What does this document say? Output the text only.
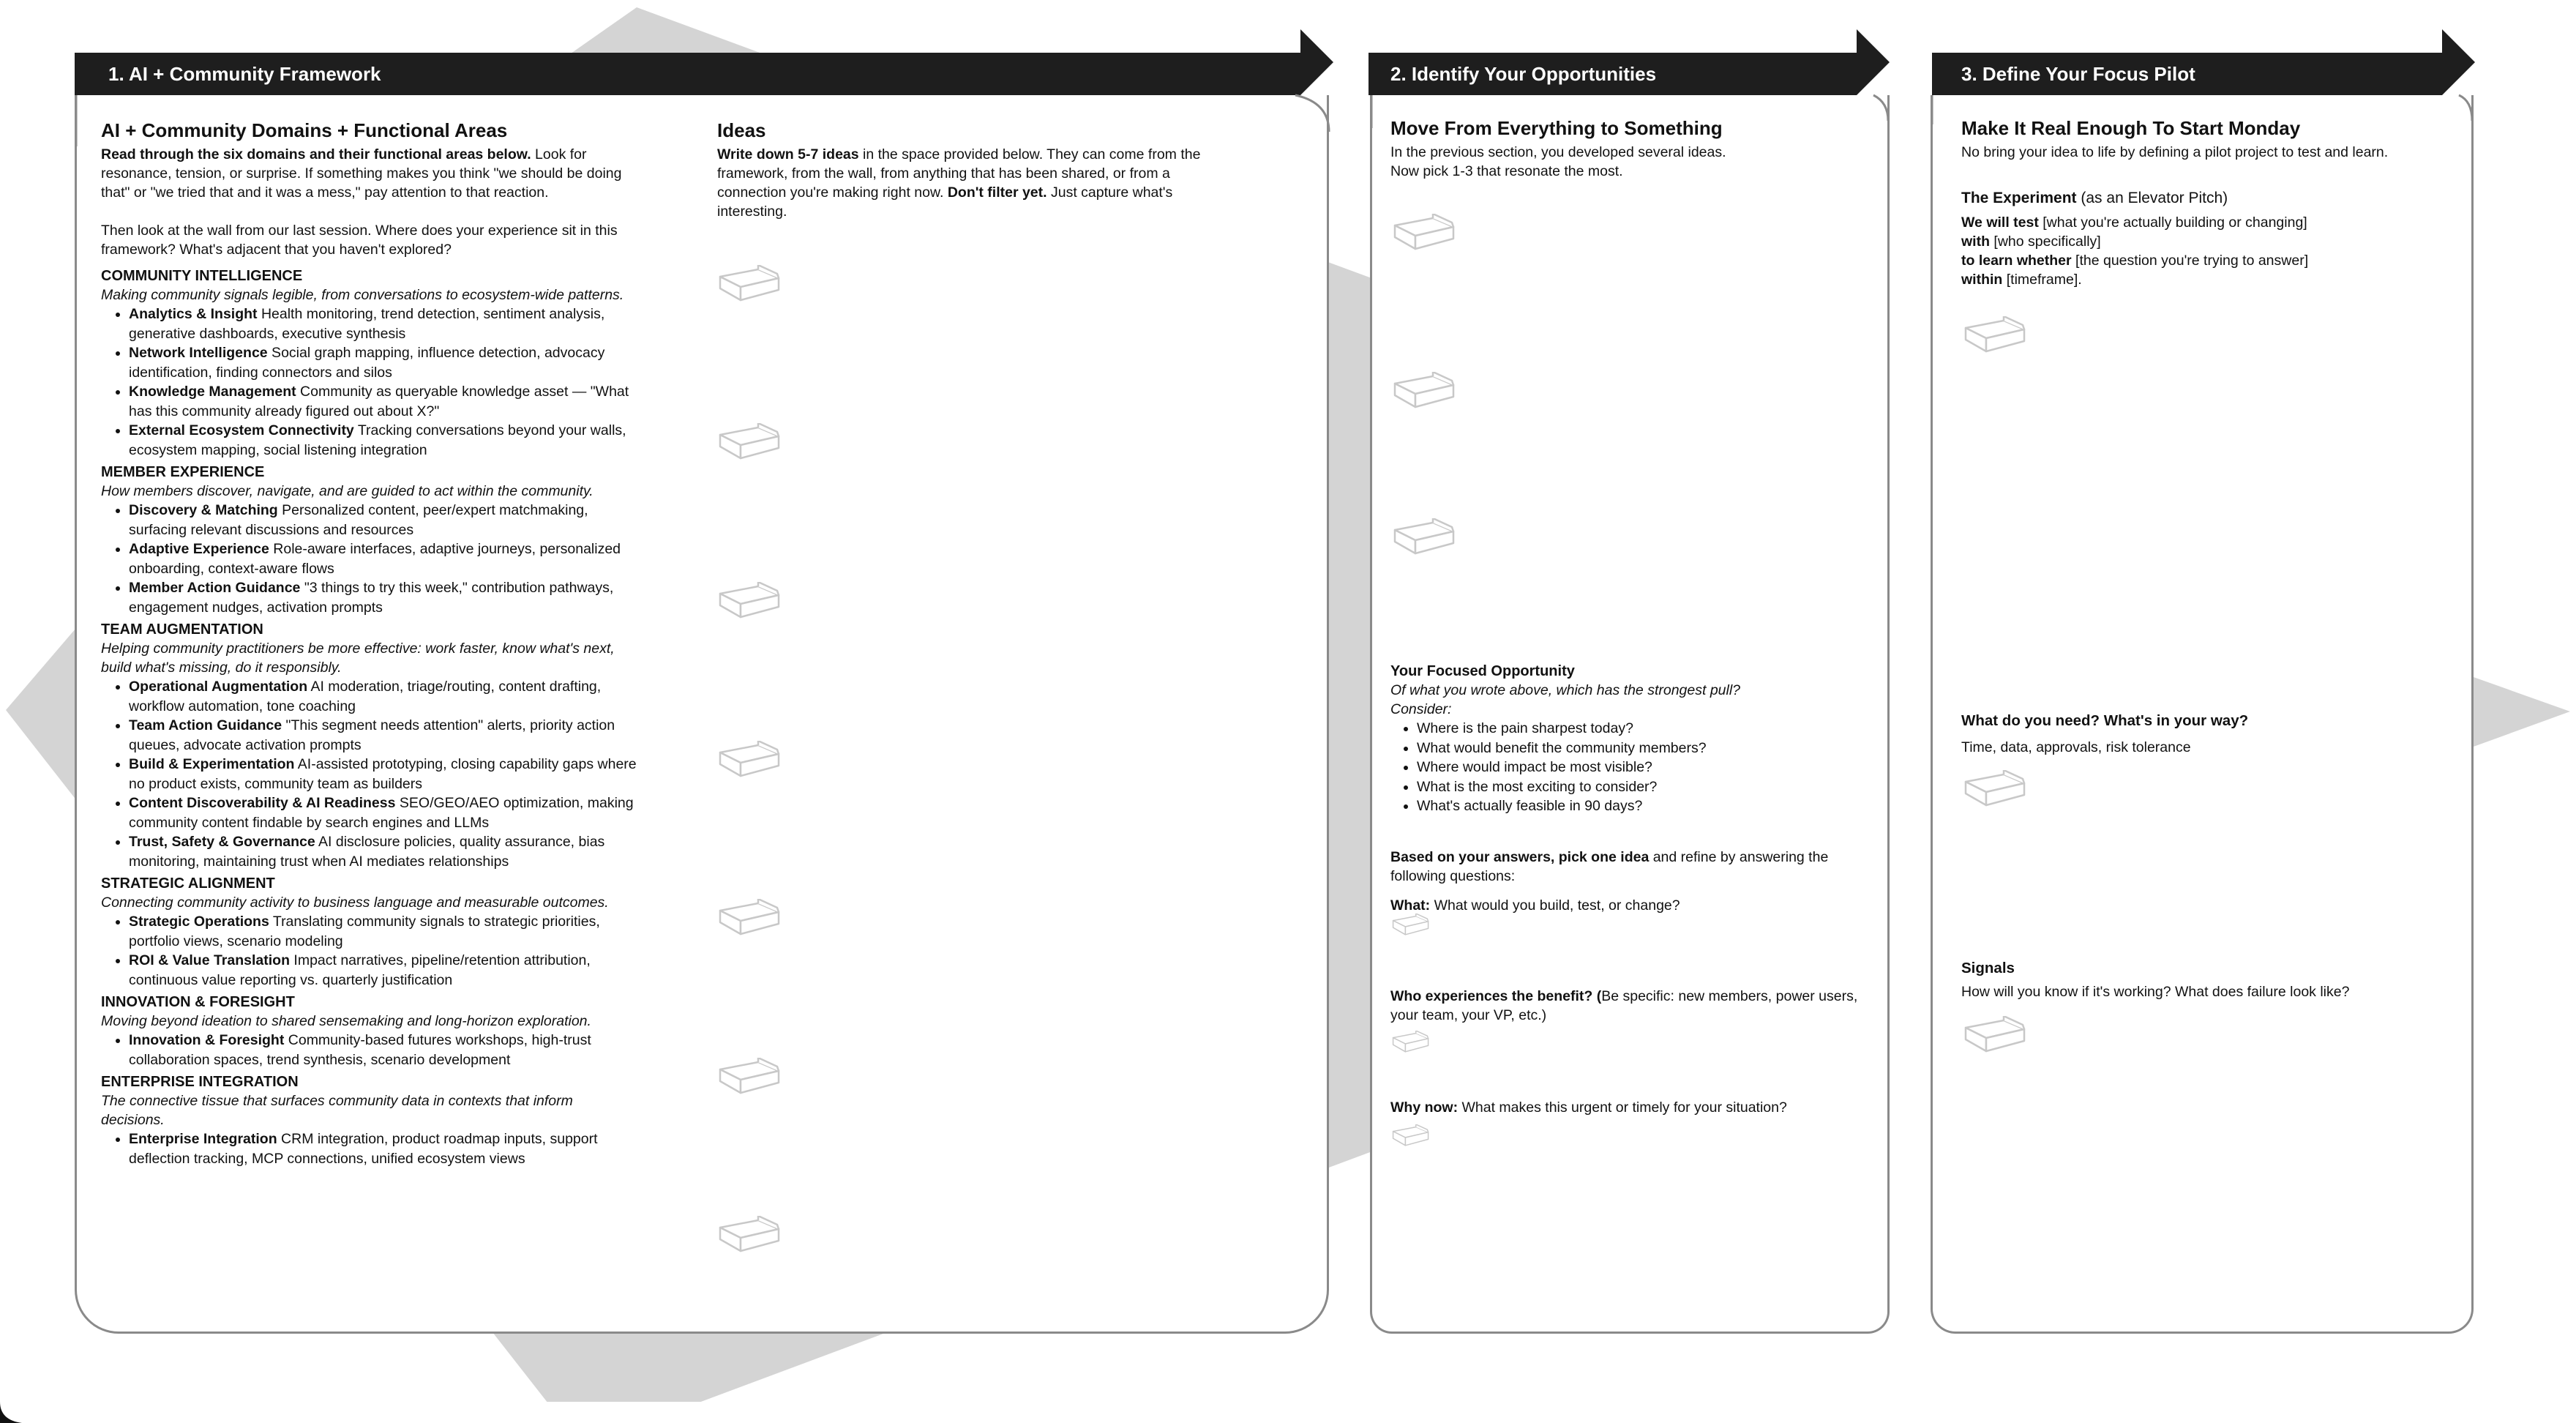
1. AI + Community Framework	2. Identify Your Opportunities	3. Define Your Focus Pilot

AI + Community Domains + Functional Areas

Read through the six domains and their functional areas below. Look for resonance, tension, or surprise. If something makes you think "we should be doing that" or "we tried that and it was a mess," pay attention to that reaction.

Then look at the wall from our last session. Where does your experience sit in this framework? What's adjacent that you haven't explored?

COMMUNITY INTELLIGENCE

Making community signals legible, from conversations to ecosystem-wide patterns.

• Analytics & Insight Health monitoring, trend detection, sentiment analysis, generative dashboards, executive synthesis
• Network Intelligence Social graph mapping, influence detection, advocacy identification, finding connectors and silos
• Knowledge Management Community as queryable knowledge asset — "What has this community already figured out about X?"
• External Ecosystem Connectivity Tracking conversations beyond your walls, ecosystem mapping, social listening integration

MEMBER EXPERIENCE

How members discover, navigate, and are guided to act within the community.

• Discovery & Matching Personalized content, peer/expert matchmaking, surfacing relevant discussions and resources
• Adaptive Experience Role-aware interfaces, adaptive journeys, personalized onboarding, context-aware flows
• Member Action Guidance "3 things to try this week," contribution pathways, engagement nudges, activation prompts

TEAM AUGMENTATION

Helping community practitioners be more effective: work faster, know what's next, build what's missing, do it responsibly.

• Operational Augmentation AI moderation, triage/routing, content drafting, workflow automation, tone coaching
• Team Action Guidance "This segment needs attention" alerts, priority action queues, advocate activation prompts
• Build & Experimentation AI-assisted prototyping, closing capability gaps where no product exists, community team as builders
• Content Discoverability & AI Readiness SEO/GEO/AEO optimization, making community content findable by search engines and LLMs
• Trust, Safety & Governance AI disclosure policies, quality assurance, bias monitoring, maintaining trust when AI mediates relationships

STRATEGIC ALIGNMENT

Connecting community activity to business language and measurable outcomes.

• Strategic Operations Translating community signals to strategic priorities, portfolio views, scenario modeling
• ROI & Value Translation Impact narratives, pipeline/retention attribution, continuous value reporting vs. quarterly justification

INNOVATION & FORESIGHT

Moving beyond ideation to shared sensemaking and long-horizon exploration.

• Innovation & Foresight Community-based futures workshops, high-trust collaboration spaces, trend synthesis, scenario development

ENTERPRISE INTEGRATION

The connective tissue that surfaces community data in contexts that inform decisions.

• Enterprise Integration CRM integration, product roadmap inputs, support deflection tracking, MCP connections, unified ecosystem views

Ideas

Write down 5-7 ideas in the space provided below. They can come from the framework, from the wall, from anything that has been shared, or from a connection you're making right now. Don't filter yet. Just capture what's interesting.

Move From Everything to Something

In the previous section, you developed several ideas.

Now pick 1-3 that resonate the most.

Your Focused Opportunity

Of what you wrote above, which has the strongest pull?

Consider:

• Where is the pain sharpest today?
• What would benefit the community members?
• Where would impact be most visible?
• What is the most exciting to consider?
• What's actually feasible in 90 days?

Based on your answers, pick one idea and refine by answering the following questions:

What: What would you build, test, or change?

Who experiences the benefit? (Be specific: new members, power users, your team, your VP, etc.)

Why now: What makes this urgent or timely for your situation?

Make It Real Enough To Start Monday

No bring your idea to life by defining a pilot project to test and learn.

The Experiment (as an Elevator Pitch)

We will test [what you're actually building or changing]

with [who specifically]

to learn whether [the question you're trying to answer]

within [timeframe].

What do you need? What's in your way?

Time, data, approvals, risk tolerance

Signals

How will you know if it's working? What does failure look like?
